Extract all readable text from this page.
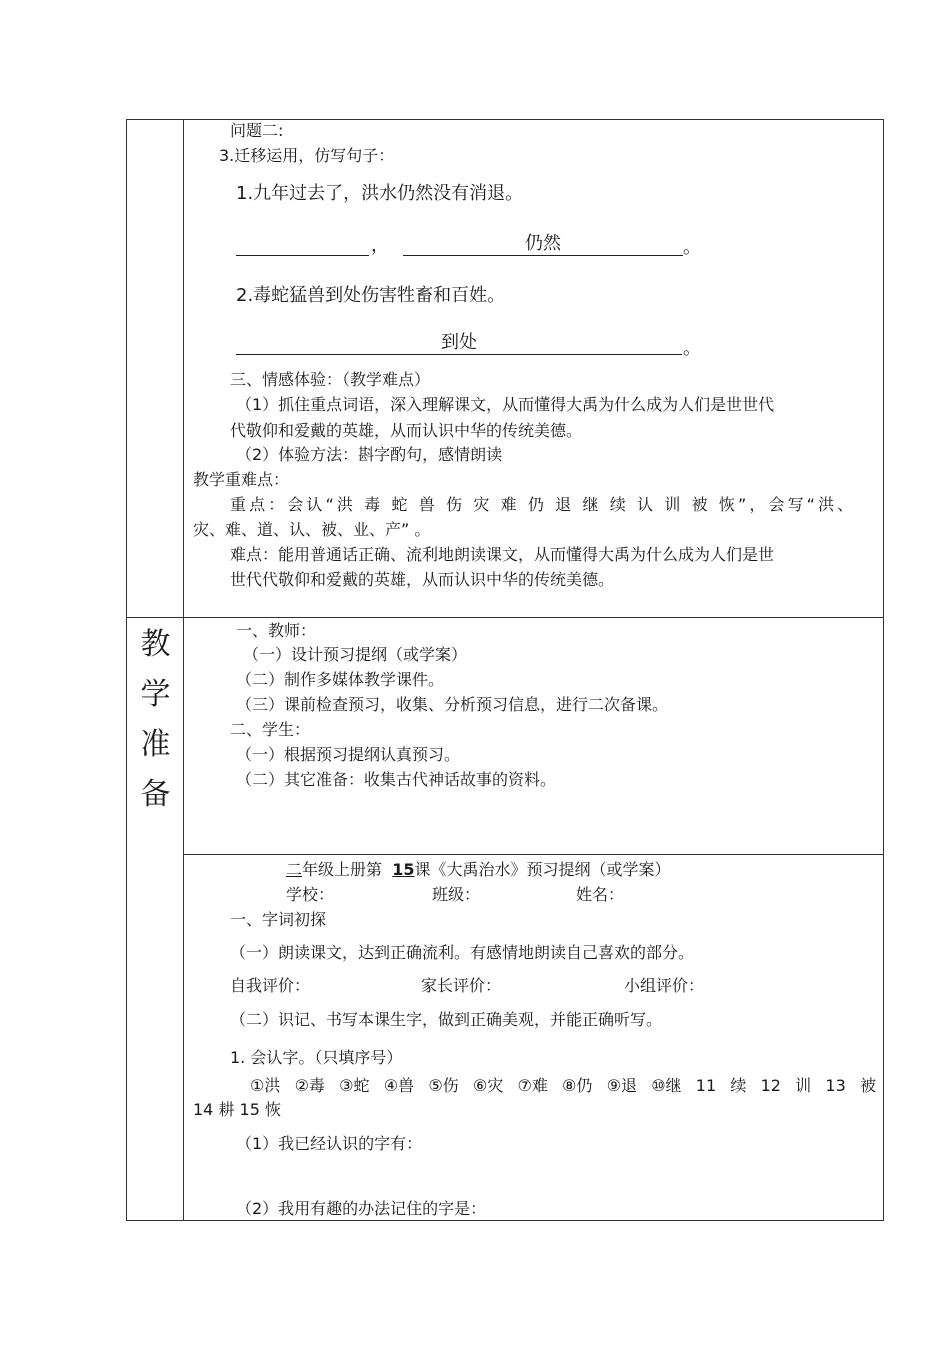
问题二:
3.迁移运用，仿写句子：
1.九年过去了，洪水仍然没有消退。
，	仍然	。
2.毒蛇猛兽到处伤害牲畜和百姓。
到处	。
三、情感体验：（教学难点）
（1）抓住重点词语，深入理解课文，从而懂得大禹为什么成为人们是世世代
代敬仰和爱戴的英雄，从而认识中华的传统美德。
（2）体验方法：斟字酌句，感情朗读
教学重难点：
重点：会认“洪 毒 蛇 兽 伤 灾 难 仍 退 继 续 认 训 被 恢”，会写“洪、
灾、难、道、认、被、业、产” 。
难点：能用普通话正确、流利地朗读课文，从而懂得大禹为什么成为人们是世
世代代敬仰和爱戴的英雄，从而认识中华的传统美德。
教
学
准
备
一、教师：
（一）设计预习提纲（或学案）
（二）制作多媒体教学课件。
（三）课前检查预习，收集、分析预习信息，进行二次备课。
二、学生：
（一）根据预习提纲认真预习。
（二）其它准备：收集古代神话故事的资料。
二年级上册第 15课《大禹治水》预习提纲（或学案）
学校：	班级：	姓名：
一、字词初探
（一）朗读课文，达到正确流利。有感情地朗读自己喜欢的部分。
自我评价：	家长评价：	小组评价：
（二）识记、书写本课生字，做到正确美观，并能正确听写。
1. 会认字。（只填序号）
①洪 ②毒 ③蛇 ④兽 ⑤伤 ⑥灾 ⑦难 ⑧仍 ⑨退 ⑩继 11 续 12 训 13 被
14 耕 15 恢
（1）我已经认识的字有：
（2）我用有趣的办法记住的字是：
